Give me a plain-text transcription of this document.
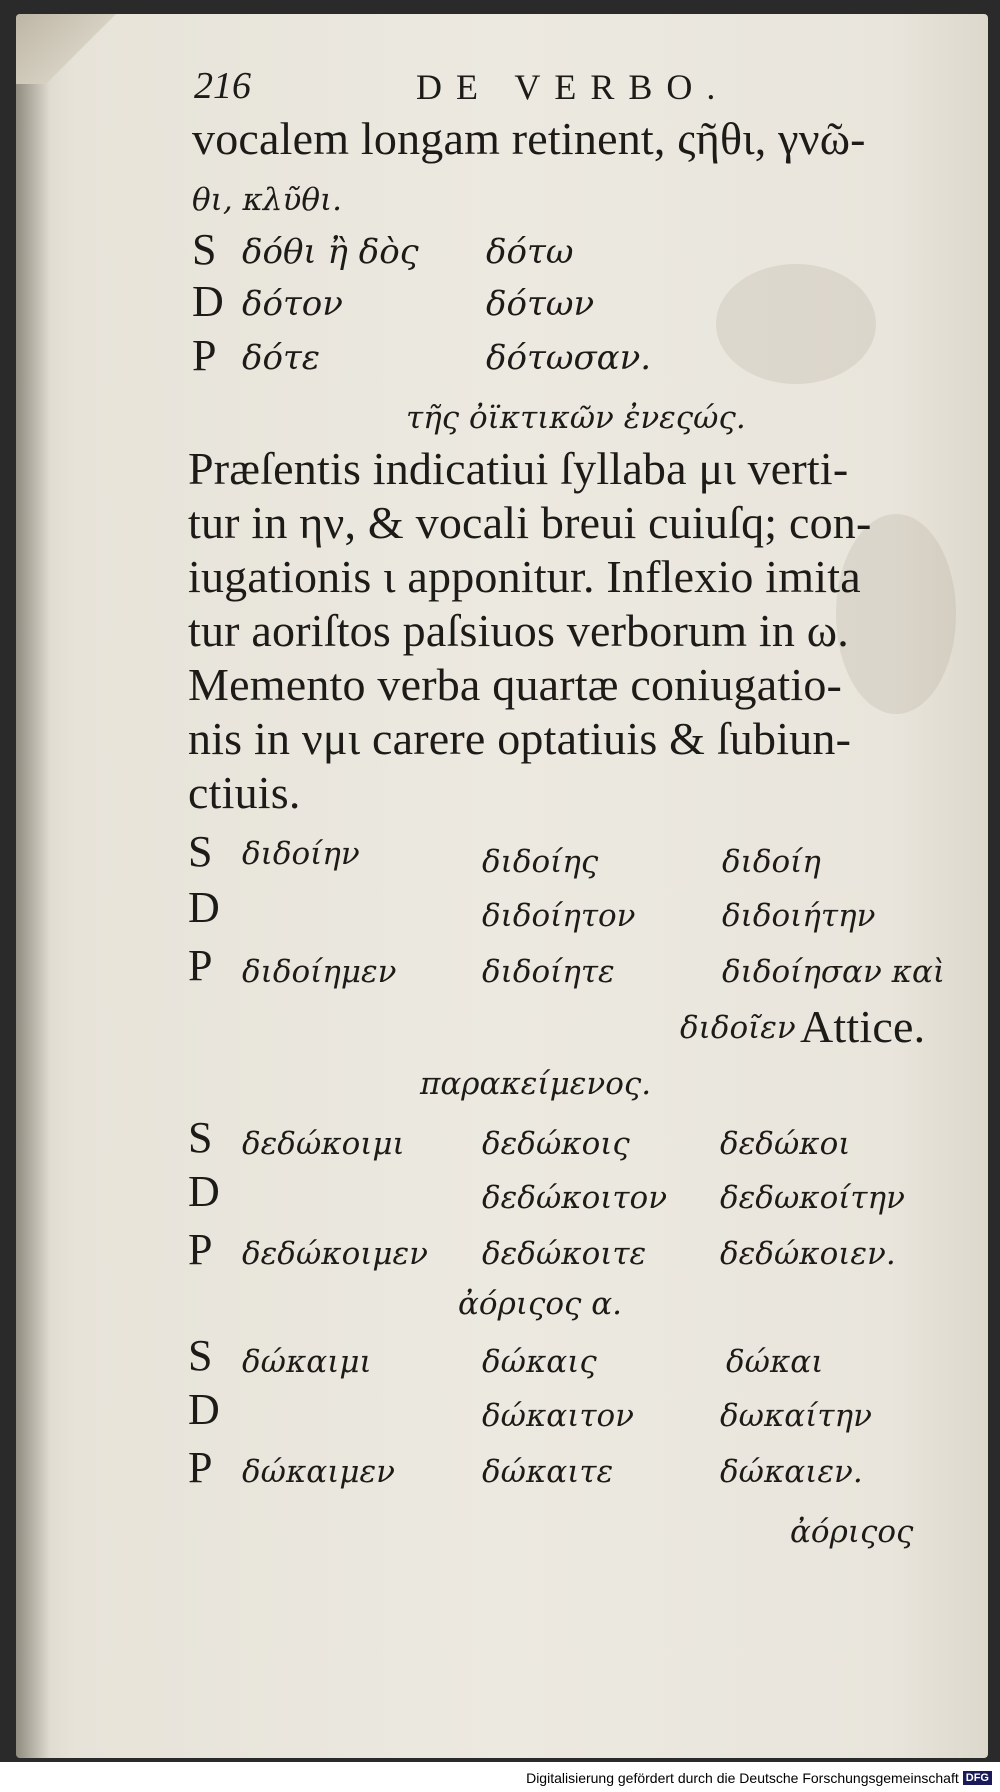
216	DE VERBO.
vocalem longam retinent, ςῆθι, γνῶ-
θι, κλῦθι.
S δόθι ἢ δὸς δότω
D δότον	δότων
P δότε	δότωσαν.
τῆς ὀϊκτικῶν ἐνεςώς.
Præſentis indicatiui ſyllaba μι verti-
tur in ην, & vocali breui cuiuſq; con-
iugationis ι apponitur. Inflexio imita
tur aoriſtos paſsiuos verborum in ω.
Memento verba quartæ coniugatio-
nis in νμι carere optatiuis & ſubiun-
ctiuis.
S διδοίην	διδοίης	διδοίη
D	διδοίητον	διδοιήτην
P διδοίημεν	διδοίητε	διδοίησαν καὶ
διδοῖεν Attice.
παρακείμενος.
S δεδώκοιμι δεδώκοις	δεδώκοι
D	δεδώκοιτον δεδωκοίτην
P δεδώκοιμεν δεδώκοιτε δεδώκοιεν.
ἀόριςος α.
S δώκαιμι	δώκαις	δώκαι
D	δώκαιτον	δωκαίτην
P δώκαιμεν	δώκαιτε	δώκαιεν.
ἀόριςος
Digitalisierung gefördert durch die Deutsche Forschungsgemeinschaft DFG
